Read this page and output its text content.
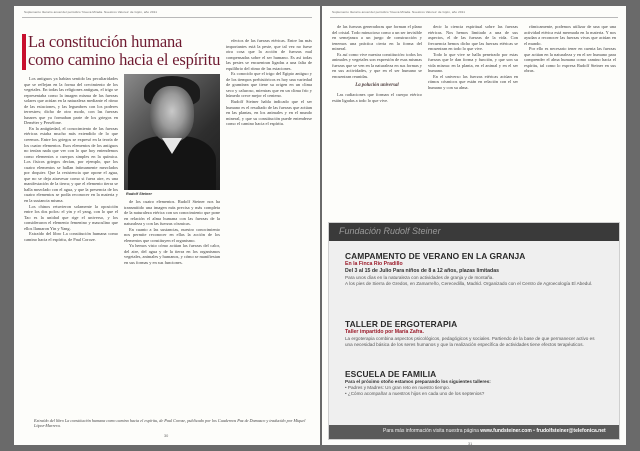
Suplemento literario anual del periódico 'Nueva Mirada. Nuestros Valores' de Gijón, año 2011
La constitución humana
como camino hacia el espíritu

Los antiguos ya habían sentido las peculiaridades que se reflejan en la forma del crecimiento de los vegetales. En todas las religiones antiguas, el trigo se representaba como la imagen misma de las fuerzas solares que actúan en la naturaleza mediante el ritmo de las estaciones, y las legumbres con los poderes terrestres; dicho de otro modo, con las fuerzas lunares que ya formaban parte de los griegos en Deméter y Perséfone.

En la antigüedad, el conocimiento de las fuerzas etéricas estaba mucho más extendido de lo que creemos. Entre los griegos se expresó en la teoría de los cuatro elementos. Esos elementos de los antiguos no tenían nada que ver con lo que hoy entendemos como elementos o cuerpos simples en la química. Los físicos griegos decían, por ejemplo, que los cuatro elementos se hallan íntimamente mezclados por doquier. Que la resistencia que opone el agua, que no se deja atravesar como si fuera aire, es una manifestación de la tierra; y que el elemento tierra se halla mezclado con el agua, y que la presencia de los cuatro elementos se podía reconocer en la materia y en la sustancia misma.

Los chinos retuvieron solamente la oposición entre los dos polos: el yin y el yang, con lo que el Tao es la unidad que rige el universo, y los consideraron el elemento femenino y masculino que ellos llamaron Yin y Yang.

Extraído del libro La constitución humana como camino hacia el espíritu, de Paul Coroze.

Rudolf Steiner

de los cuatro elementos. Rudolf Steiner nos ha transmitido una imagen más precisa y más completa de la naturaleza etérica con un conocimiento que pone en relación el alma humana con las fuerzas de la naturaleza y con las fuerzas cósmicas.

En cuanto a las sustancias, nuestro conocimiento nos permite reconocer en ellas la acción de los elementos que constituyen el organismo.

Ya hemos visto cómo actúan las fuerzas del calor, del aire, del agua y de la tierra en los organismos vegetales, animales y humanos, y cómo se manifiestan en sus formas y en sus funciones.

efectos de las fuerzas etéricas. Entre las más importantes está la peste, que tal vez no fuese otra cosa que la acción de fuerzas mal compensadas sobre el ser humano. Es así todas las pestes se encuentran ligadas a una falta de equilibrio del ritmo de las estaciones.

Es conocido que el trigo del Egipto antiguo y de los tiempos prehistóricos es hoy una variedad de gramínea que tiene su origen en un clima seco y caluroso, mientras que en un clima frío y húmedo crece mejor el centeno.

Rudolf Steiner habla indicado que el ser humano es el resultado de las fuerzas que actúan en las plantas, en los animales y en el mundo mineral, y que su constitución puede entenderse como el camino hacia el espíritu.

Extraído del libro La constitución humana como camino hacia el espíritu, de Paul Coroze, publicado por los Cuadernos Paz de Damasco y traducido por Miquel López-Marrera.
30
Suplemento literario anual del periódico 'Nueva Mirada. Nuestros Valores' de Gijón, año 2011

de las fuerzas generadoras que forman el plano del cristal. Todo minucioso como a un ser invisible en semejanza a un juego de construcción y tenemos una práctica cierta en la forma del mineral.

Es así como vive nuestra constitución: todos los animales y vegetales son expresión de esas mismas fuerzas que se ven en la naturaleza en sus formas y en sus actividades, y que en el ser humano se encuentran reunidas.

La polución universal

Las radiaciones que forman el cuerpo etérico están ligadas a todo lo que vive.

decir la ciencia espiritual sobre las fuerzas etéricas. Nos hemos limitado a una de sus aspectos, el de las fuerzas de la vida. Con frecuencia hemos dicho que las fuerzas etéricas se encuentran en todo lo que vive.

Todo lo que vive se halla penetrado por estas fuerzas que le dan forma y función, y que son su vida misma: en la planta, en el animal y en el ser humano.

En el universo las fuerzas etéricas actúan en ritmos cósmicos que están en relación con el ser humano y con su alma.

rítmicamente, podemos utilizar de una que una actividad etérica está mermada en la materia. Y nos ayudan a reconocer las fuerzas vivas que actúan en el mundo.

Por ello es necesario tener en cuenta las fuerzas que actúan en la naturaleza y en el ser humano para comprender el alma humana como camino hacia el espíritu, tal como lo expresa Rudolf Steiner en sus obras.

Fundación Rudolf Steiner
CAMPAMENTO DE VERANO EN LA GRANJA
En la Finca Río Pradillo
Del 3 al 15 de Julio Para niños de 8 a 12 años, plazas limitadas
Para unos días en la naturaleza con actividades de granja y de montaña.
A los pies de Sierra de Gredos, en Zamarreño, Cerecedilla, Madrid. Organizado con el Centro de Agroecología El Abedul.
TALLER DE ERGOTERAPIA
Taller impartido por María Zafra.
La ergoterapia combina aspectos psicológicos, pedagógicos y sociales. Partiendo de la base de que permanecer activo es una necesidad básica de los seres humanos y que la realización específica de actividades tiene efectos terapéuticos.
ESCUELA DE FAMILIA
Para el próximo otoño estamos preparando los siguientes talleres:
• Padres y Madres: Un gran reto en nuestro tiempo.
• ¿Cómo acompañar a nuestros hijos en cada uno de los septenios?
Para más información visita nuestra página www.fundsteiner.com • frudolfsteiner@telefonica.net
31
